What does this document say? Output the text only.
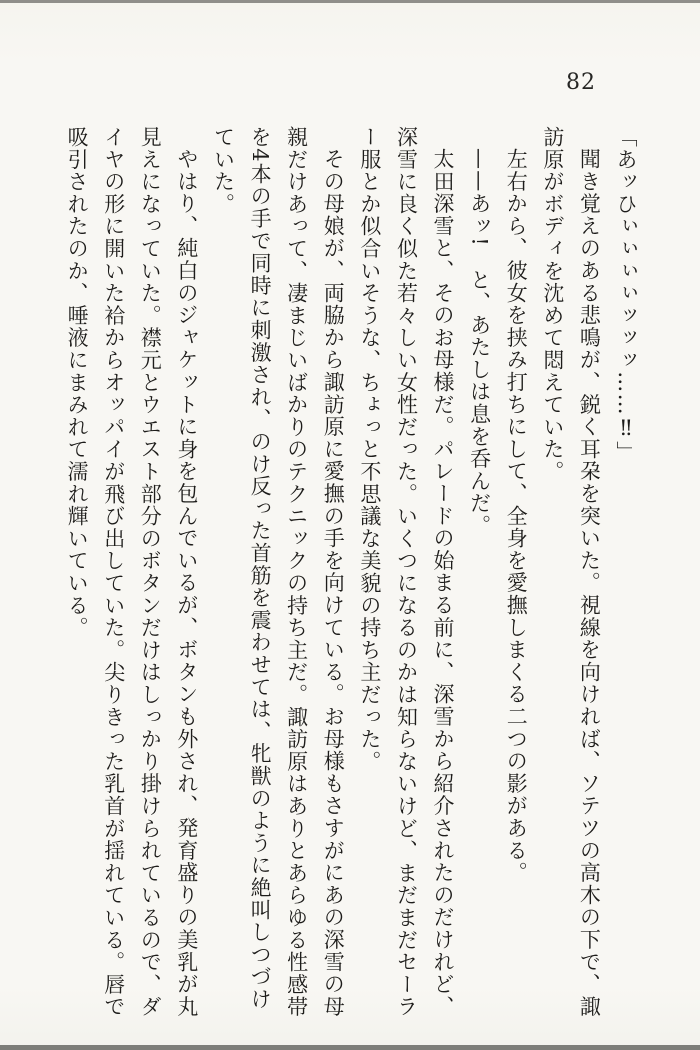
82
「あッひぃぃぃぃッッッ……‼」
聞き覚えのある悲鳴が、鋭く耳朶を突いた。視線を向ければ、ソテツの高木の下で、諏
訪原がボディを沈めて悶えていた。
左右から、彼女を挟み打ちにして、全身を愛撫しまくる二つの影がある。
——あッ!　と、あたしは息を呑んだ。
太田深雪と、そのお母様だ。パレードの始まる前に、深雪から紹介されたのだけれど、
深雪に良く似た若々しい女性だった。いくつになるのかは知らないけど、まだまだセーラ
ー服とか似合いそうな、ちょっと不思議な美貌の持ち主だった。
その母娘が、両脇から諏訪原に愛撫の手を向けている。お母様もさすがにあの深雪の母
親だけあって、凄まじいばかりのテクニックの持ち主だ。諏訪原はありとあらゆる性感帯
を4本の手で同時に刺激され、のけ反った首筋を震わせては、牝獣のように絶叫しつづけ
ていた。
やはり、純白のジャケットに身を包んでいるが、ボタンも外され、発育盛りの美乳が丸
見えになっていた。襟元とウエスト部分のボタンだけはしっかり掛けられているので、ダ
イヤの形に開いた袷からオッパイが飛び出していた。尖りきった乳首が揺れている。唇で
吸引されたのか、唾液にまみれて濡れ輝いている。
